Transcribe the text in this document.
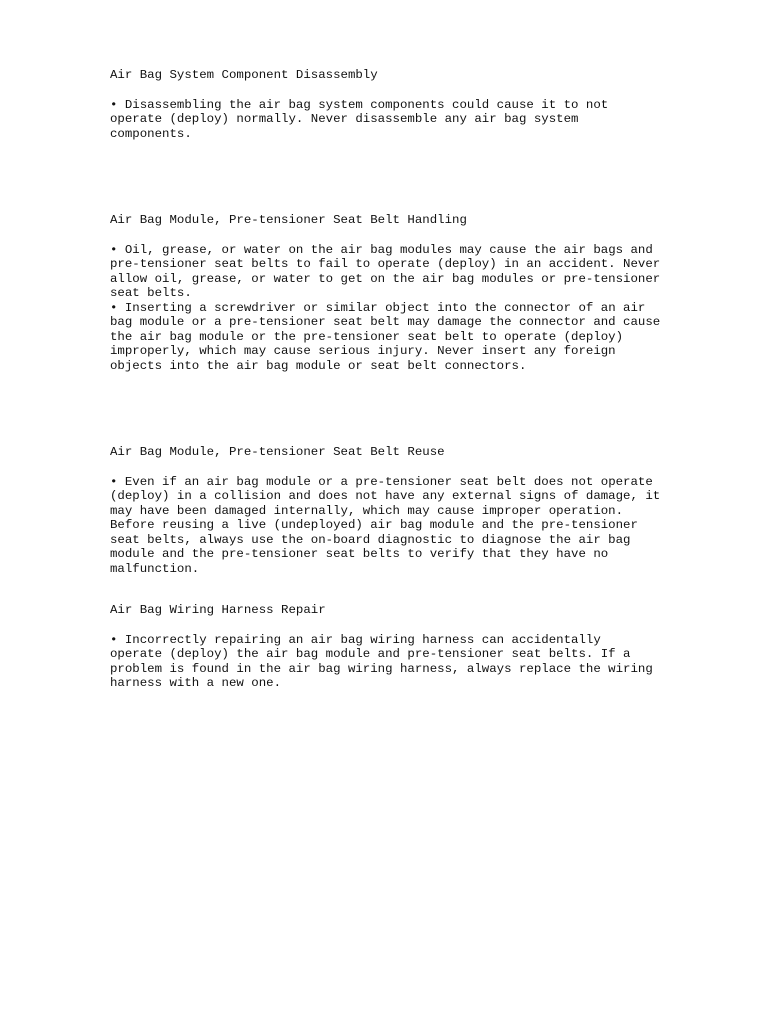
Air Bag System Component Disassembly

• Disassembling the air bag system components could cause it to not
operate (deploy) normally. Never disassemble any air bag system
components.

Air Bag Module, Pre-tensioner Seat Belt Handling

• Oil, grease, or water on the air bag modules may cause the air bags and
pre-tensioner seat belts to fail to operate (deploy) in an accident. Never
allow oil, grease, or water to get on the air bag modules or pre-tensioner
seat belts.

• Inserting a screwdriver or similar object into the connector of an air
bag module or a pre-tensioner seat belt may damage the connector and cause
the air bag module or the pre-tensioner seat belt to operate (deploy)
improperly, which may cause serious injury. Never insert any foreign
objects into the air bag module or seat belt connectors.

Air Bag Module, Pre-tensioner Seat Belt Reuse

• Even if an air bag module or a pre-tensioner seat belt does not operate
(deploy) in a collision and does not have any external signs of damage, it
may have been damaged internally, which may cause improper operation.
Before reusing a live (undeployed) air bag module and the pre-tensioner
seat belts, always use the on-board diagnostic to diagnose the air bag
module and the pre-tensioner seat belts to verify that they have no
malfunction.

Air Bag Wiring Harness Repair

• Incorrectly repairing an air bag wiring harness can accidentally
operate (deploy) the air bag module and pre-tensioner seat belts. If a
problem is found in the air bag wiring harness, always replace the wiring
harness with a new one.
